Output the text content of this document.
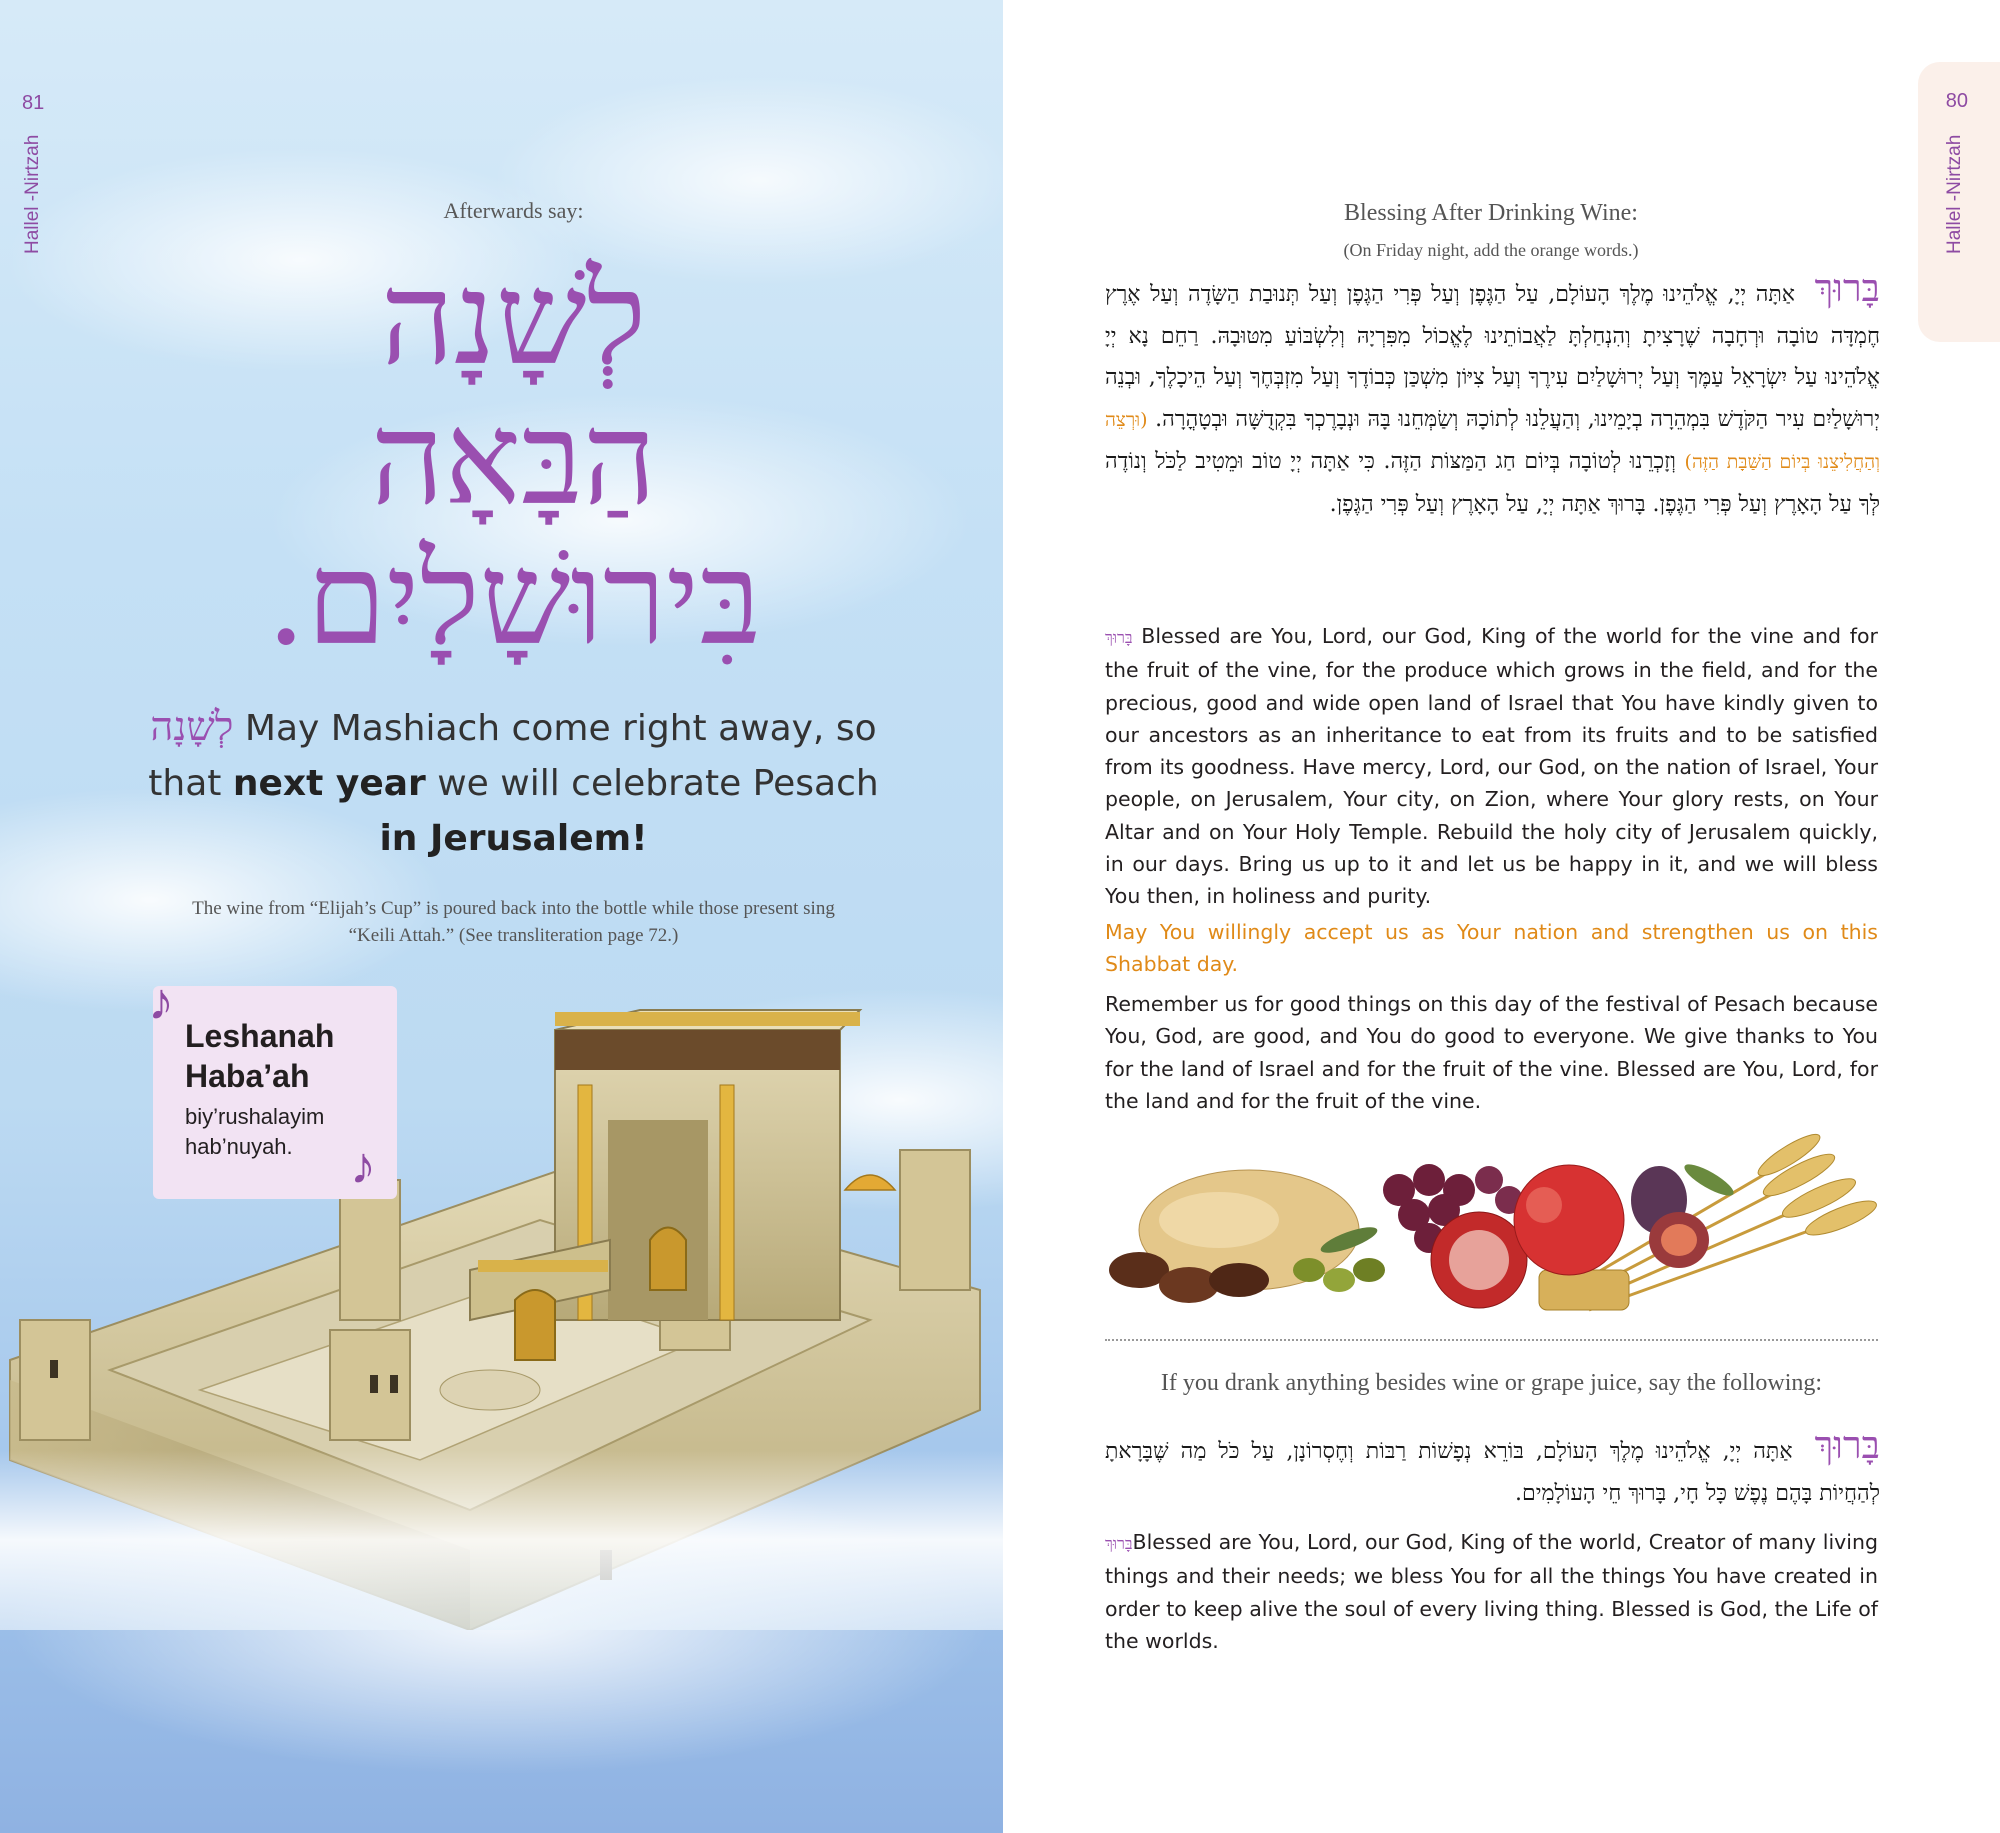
81
Hallel -Nirtzah	Afterwards say:
לְשָׁנָה
הַבָּאָה
בִּירוּשָׁלָיִם.
לְשָׁנָה May Mashiach come right away, so that next year we will celebrate Pesach in Jerusalem!
The wine from “Elijah’s Cup” is poured back into the bottle while those present sing “Keili Attah.” (See transliteration page 72.)
Leshanah
Haba’ah
biy’rushalayim
hab’nuyah.
♪
♪
80
Hallel -Nirtzah
Blessing After Drinking Wine:
(On Friday night, add the orange words.)
בָּרוּךְ אַתָּה יְיָ, אֱלֹהֵינוּ מֶלֶךְ הָעוֹלָם, עַל הַגֶּפֶן וְעַל פְּרִי הַגֶּפֶן וְעַל תְּנוּבַת הַשָּׂדֶה וְעַל אֶרֶץ חֶמְדָּה טוֹבָה וּרְחָבָה שֶׁרָצִיתָ וְהִנְחַלְתָּ לַאֲבוֹתֵינוּ לֶאֱכוֹל מִפִּרְיָהּ וְלִשְׂבּוֹעַ מִטּוּבָהּ. רַחֵם נָא יְיָ אֱלֹהֵינוּ עַל יִשְׂרָאֵל עַמֶּךָ וְעַל יְרוּשָׁלַיִם עִירֶךָ וְעַל צִיּוֹן מִשְׁכַּן כְּבוֹדֶךָ וְעַל מִזְבְּחֶךָ וְעַל הֵיכָלֶךָ, וּבְנֵה יְרוּשָׁלַיִם עִיר הַקֹּדֶשׁ בִּמְהֵרָה בְיָמֵינוּ, וְהַעֲלֵנוּ לְתוֹכָהּ וְשַׂמְּחֵנוּ בָּהּ וּנְבָרֶכְךָ בִּקְדֻשָּׁה וּבְטָהֳרָה. (וּרְצֵה וְהַחֲלִיצֵנוּ בְּיוֹם הַשַּׁבָּת הַזֶּה) וְזָכְרֵנוּ לְטוֹבָה בְּיוֹם חַג הַמַּצּוֹת הַזֶּה. כִּי אַתָּה יְיָ טוֹב וּמֵטִיב לַכֹּל וְנוֹדֶה לְּךָ עַל הָאָרֶץ וְעַל פְּרִי הַגֶּפֶן. בָּרוּךְ אַתָּה יְיָ, עַל הָאָרֶץ וְעַל פְּרִי הַגֶּפֶן.
בָּרוּךְ Blessed are You, Lord, our God, King of the world for the vine and for the fruit of the vine, for the produce which grows in the field, and for the precious, good and wide open land of Israel that You have kindly given to our ancestors as an inheritance to eat from its fruits and to be satisfied from its goodness. Have mercy, Lord, our God, on the nation of Israel, Your people, on Jerusalem, Your city, on Zion, where Your glory rests, on Your Altar and on Your Holy Temple. Rebuild the holy city of Jerusalem quickly, in our days. Bring us up to it and let us be happy in it, and we will bless You then, in holiness and purity.
May You willingly accept us as Your nation and strengthen us on this Shabbat day.
Remember us for good things on this day of the festival of Pesach because You, God, are good, and You do good to everyone. We give thanks to You for the land of Israel and for the fruit of the vine. Blessed are You, Lord, for the land and for the fruit of the vine.
If you drank anything besides wine or grape juice, say the following:
בָּרוּךְ אַתָּה יְיָ, אֱלֹהֵינוּ מֶלֶךְ הָעוֹלָם, בּוֹרֵא נְפָשׁוֹת רַבּוֹת וְחֶסְרוֹנָן, עַל כֹּל מַה שֶּׁבָּרָאתָ לְהַחֲיוֹת בָּהֶם נֶפֶשׁ כָּל חָי, בָּרוּךְ חֵי הָעוֹלָמִים.
בָּרוּךְBlessed are You, Lord, our God, King of the world, Creator of many living things and their needs; we bless You for all the things You have created in order to keep alive the soul of every living thing. Blessed is God, the Life of the worlds.
